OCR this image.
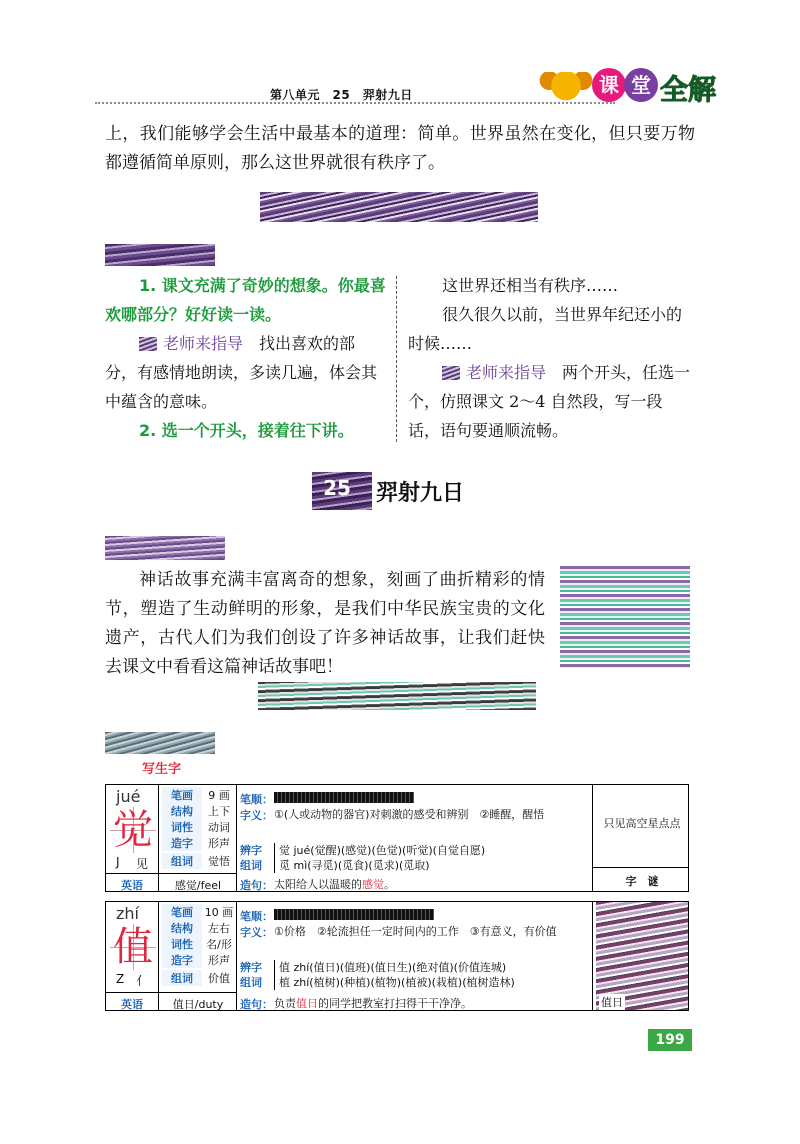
第八单元　25　羿射九日	课 堂 全解
上，我们能够学会生活中最基本的道理：简单。世界虽然在变化，但只要万物都遵循简单原则，那么这世界就很有秩序了。
1. 课文充满了奇妙的想象。你最喜欢哪部分？好好读一读。
老师来指导　 找出喜欢的部分，有感情地朗读，多读几遍，体会其中蕴含的意味。
2. 选一个开头，接着往下讲。
这世界还相当有秩序……
很久很久以前，当世界年纪还小的时候……
老师来指导　 两个开头，任选一个，仿照课文 2～4 自然段，写一段话，语句要通顺流畅。
25	羿射九日
神话故事充满丰富离奇的想象，刻画了曲折精彩的情节，塑造了生动鲜明的形象，是我们中华民族宝贵的文化遗产，古代人们为我们创设了许多神话故事，让我们赶快去课文中看看这篇神话故事吧！
写生字
jué
觉
J 见
笔画	9 画
结构	上下
词性	动词
造字	形声
组词	觉悟
英语	感觉/feel
笔顺：
字义： ①(人或动物的器官)对刺激的感受和辨别　②睡醒，醒悟
辨字
组词
觉 jué(觉醒)(感觉)(色觉)(听觉)(自觉自愿)
觅 mì(寻觅)(觅食)(觅求)(觅取)
造句： 太阳给人以温暖的感觉。
只见高空星点点
字　谜
zhí
值
Z 亻
笔画	10 画
结构	左右
词性	名/形
造字	形声
组词	价值
英语	值日/duty
笔顺：
字义： ①价格　②轮流担任一定时间内的工作　③有意义，有价值
辨字
组词
值 zhí(值日)(值班)(值日生)(绝对值)(价值连城)
植 zhí(植树)(种植)(植物)(植被)(栽植)(植树造林)
造句： 负责值日的同学把教室打扫得干干净净。	值日
199
